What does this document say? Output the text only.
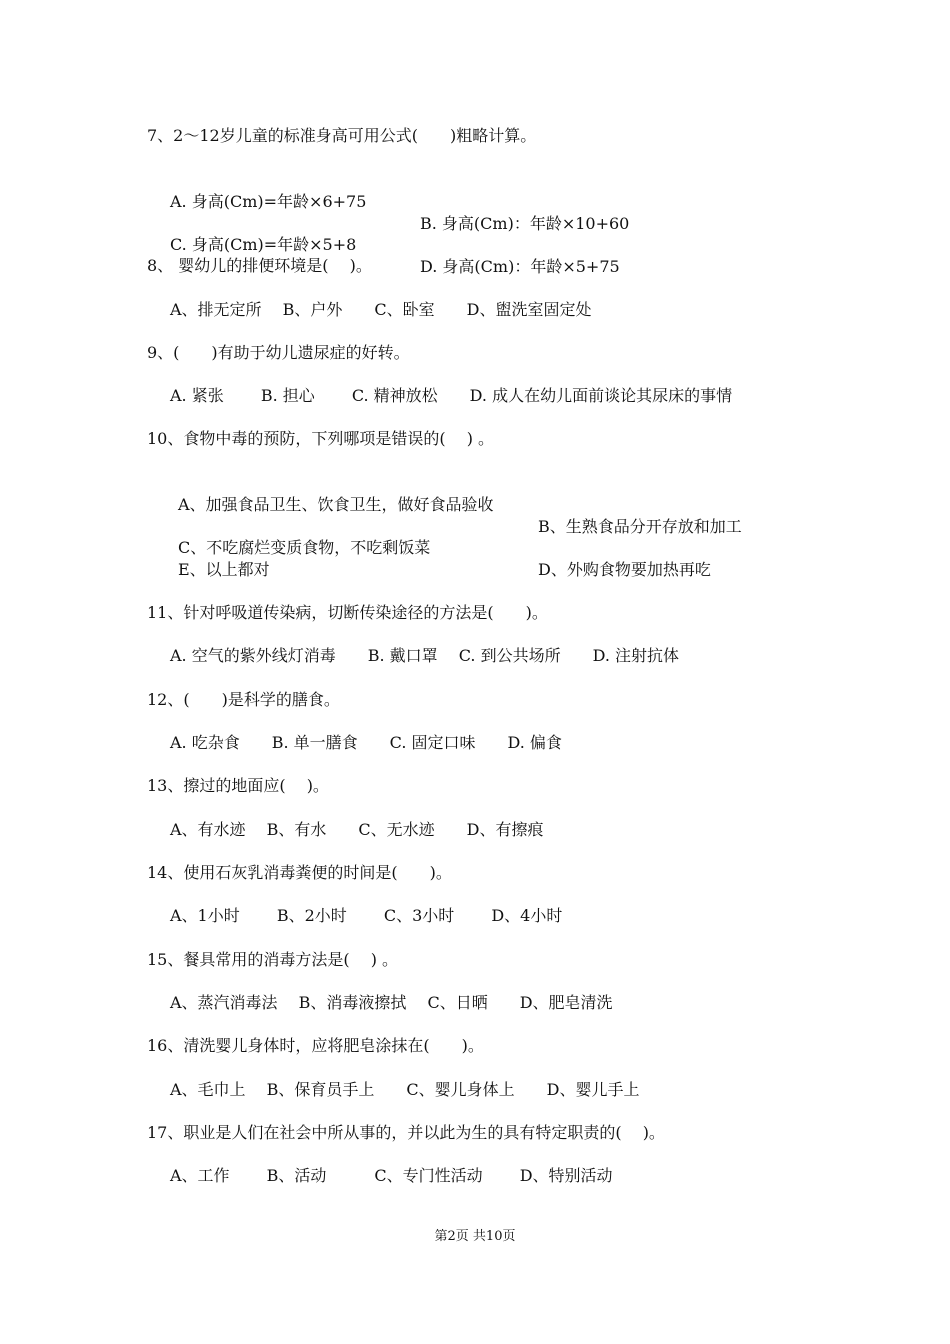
7、2～12岁儿童的标准身高可用公式(　　)粗略计算。

A. 身高(Cm)=年龄×6+75

B. 身高(Cm)：年龄×10+60

C. 身高(Cm)=年龄×5+8

D. 身高(Cm)：年龄×5+75

8、 婴幼儿的排便环境是(　 )。
A、排无定所　 B、户外　　C、卧室　　D、盥洗室固定处
9、(　　)有助于幼儿遗尿症的好转。
A. 紧张　　 B. 担心　　 C. 精神放松　　D. 成人在幼儿面前谈论其尿床的事情
10、食物中毒的预防，下列哪项是错误的(　 ) 。

A、加强食品卫生、饮食卫生，做好食品验收

B、生熟食品分开存放和加工

C、不吃腐烂变质食物，不吃剩饭菜

D、外购食物要加热再吃

E、以上都对
11、针对呼吸道传染病，切断传染途径的方法是(　　)。
A. 空气的紫外线灯消毒　　B. 戴口罩　 C. 到公共场所　　D. 注射抗体
12、(　　)是科学的膳食。
A. 吃杂食　　B. 单一膳食　　C. 固定口味　　D. 偏食
13、擦过的地面应(　 )。
A、有水迹　 B、有水　　C、无水迹　　D、有擦痕
14、使用石灰乳消毒粪便的时间是(　　)。
A、1小时　　 B、2小时　　 C、3小时　　 D、4小时
15、餐具常用的消毒方法是(　 ) 。
A、蒸汽消毒法　 B、消毒液擦拭　 C、日晒　　D、肥皂清洗
16、清洗婴儿身体时，应将肥皂涂抹在(　　)。
A、毛巾上　 B、保育员手上　　C、婴儿身体上　　D、婴儿手上
17、职业是人们在社会中所从事的，并以此为生的具有特定职责的(　 )。
A、工作　　 B、活动　　　C、专门性活动　　 D、特别活动
第2页 共10页
